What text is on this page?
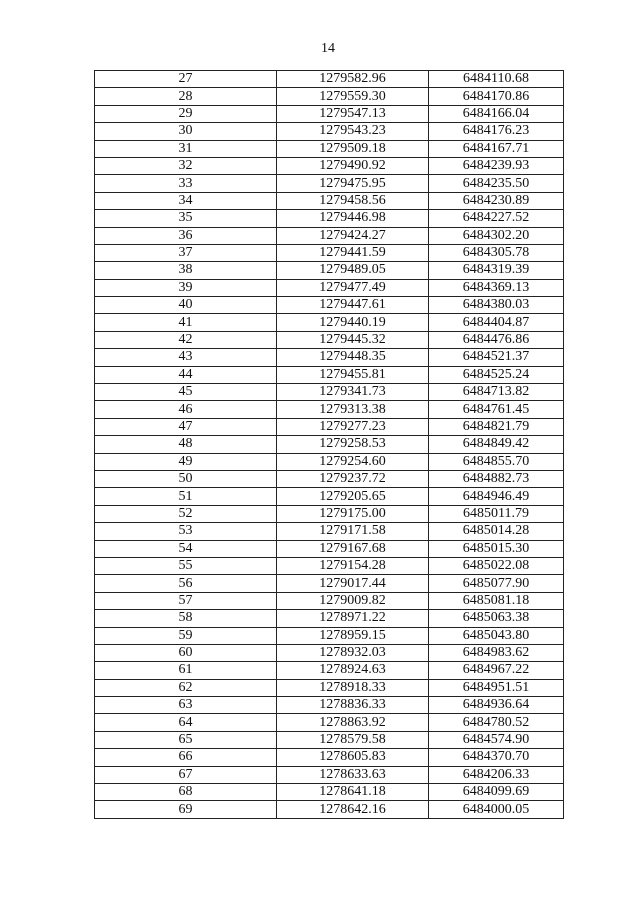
14
27	1279582.96	6484110.68
28	1279559.30	6484170.86
29	1279547.13	6484166.04
30	1279543.23	6484176.23
31	1279509.18	6484167.71
32	1279490.92	6484239.93
33	1279475.95	6484235.50
34	1279458.56	6484230.89
35	1279446.98	6484227.52
36	1279424.27	6484302.20
37	1279441.59	6484305.78
38	1279489.05	6484319.39
39	1279477.49	6484369.13
40	1279447.61	6484380.03
41	1279440.19	6484404.87
42	1279445.32	6484476.86
43	1279448.35	6484521.37
44	1279455.81	6484525.24
45	1279341.73	6484713.82
46	1279313.38	6484761.45
47	1279277.23	6484821.79
48	1279258.53	6484849.42
49	1279254.60	6484855.70
50	1279237.72	6484882.73
51	1279205.65	6484946.49
52	1279175.00	6485011.79
53	1279171.58	6485014.28
54	1279167.68	6485015.30
55	1279154.28	6485022.08
56	1279017.44	6485077.90
57	1279009.82	6485081.18
58	1278971.22	6485063.38
59	1278959.15	6485043.80
60	1278932.03	6484983.62
61	1278924.63	6484967.22
62	1278918.33	6484951.51
63	1278836.33	6484936.64
64	1278863.92	6484780.52
65	1278579.58	6484574.90
66	1278605.83	6484370.70
67	1278633.63	6484206.33
68	1278641.18	6484099.69
69	1278642.16	6484000.05
